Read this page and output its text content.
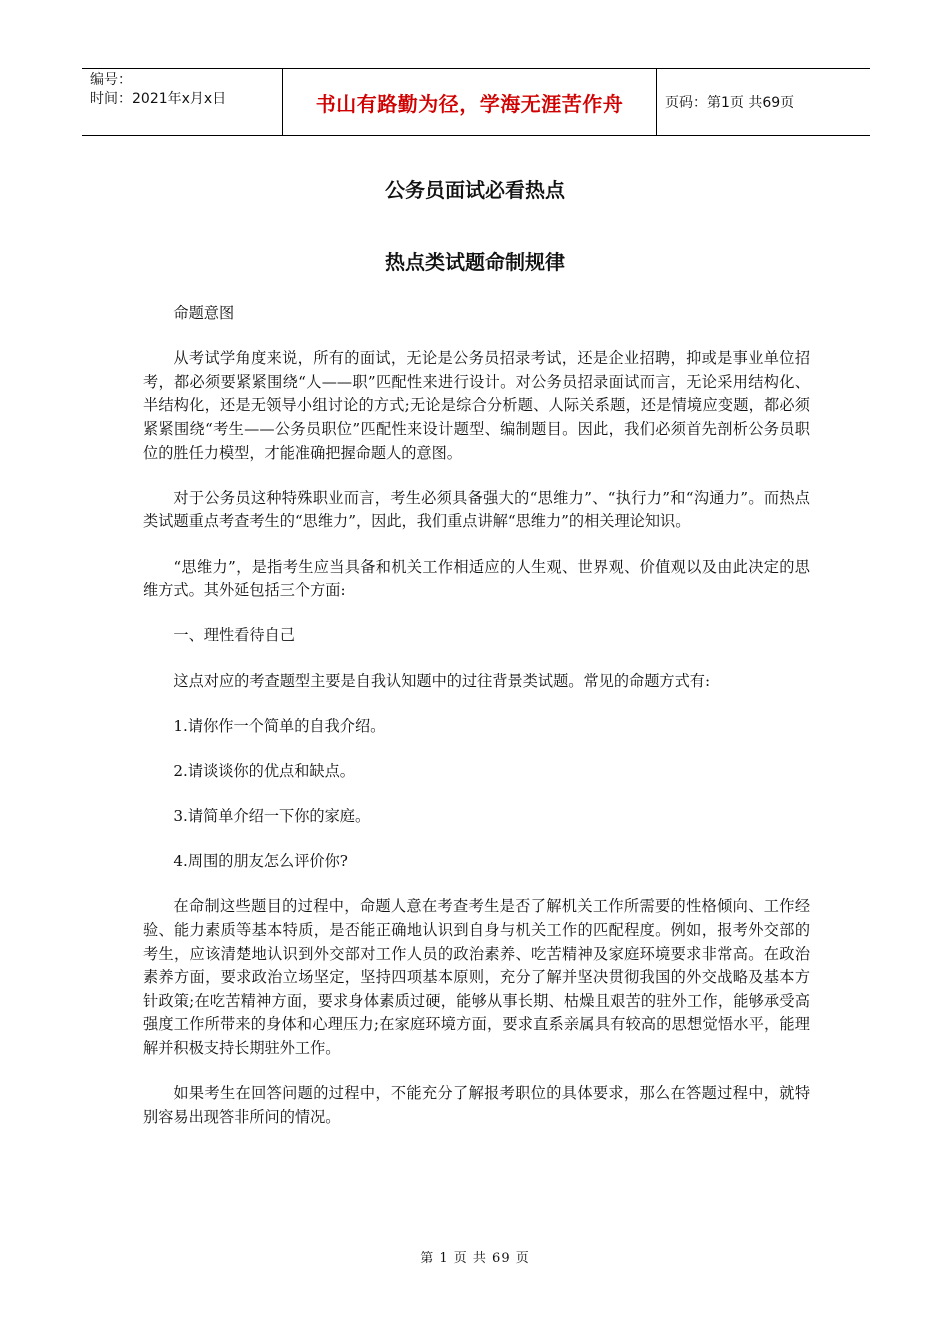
编号：
时间：2021年x月x日	书山有路勤为径，学海无涯苦作舟	页码：第1页 共69页
公务员面试必看热点
热点类试题命制规律

命题意图

从考试学角度来说，所有的面试，无论是公务员招录考试，还是企业招聘，抑或是事业单位招考，都必须要紧紧围绕“人——职”匹配性来进行设计。对公务员招录面试而言，无论采用结构化、半结构化，还是无领导小组讨论的方式;无论是综合分析题、人际关系题，还是情境应变题，都必须紧紧围绕“考生——公务员职位”匹配性来设计题型、编制题目。因此，我们必须首先剖析公务员职位的胜任力模型，才能准确把握命题人的意图。

对于公务员这种特殊职业而言，考生必须具备强大的“思维力”、“执行力”和“沟通力”。而热点类试题重点考查考生的“思维力”，因此，我们重点讲解“思维力”的相关理论知识。

“思维力”，是指考生应当具备和机关工作相适应的人生观、世界观、价值观以及由此决定的思维方式。其外延包括三个方面:

一、理性看待自己

这点对应的考查题型主要是自我认知题中的过往背景类试题。常见的命题方式有:

1.请你作一个简单的自我介绍。

2.请谈谈你的优点和缺点。

3.请简单介绍一下你的家庭。

4.周围的朋友怎么评价你?

在命制这些题目的过程中，命题人意在考查考生是否了解机关工作所需要的性格倾向、工作经验、能力素质等基本特质，是否能正确地认识到自身与机关工作的匹配程度。例如，报考外交部的考生，应该清楚地认识到外交部对工作人员的政治素养、吃苦精神及家庭环境要求非常高。在政治素养方面，要求政治立场坚定，坚持四项基本原则，充分了解并坚决贯彻我国的外交战略及基本方针政策;在吃苦精神方面，要求身体素质过硬，能够从事长期、枯燥且艰苦的驻外工作，能够承受高强度工作所带来的身体和心理压力;在家庭环境方面，要求直系亲属具有较高的思想觉悟水平，能理解并积极支持长期驻外工作。

如果考生在回答问题的过程中，不能充分了解报考职位的具体要求，那么在答题过程中，就特别容易出现答非所问的情况。

第 1 页 共 69 页
